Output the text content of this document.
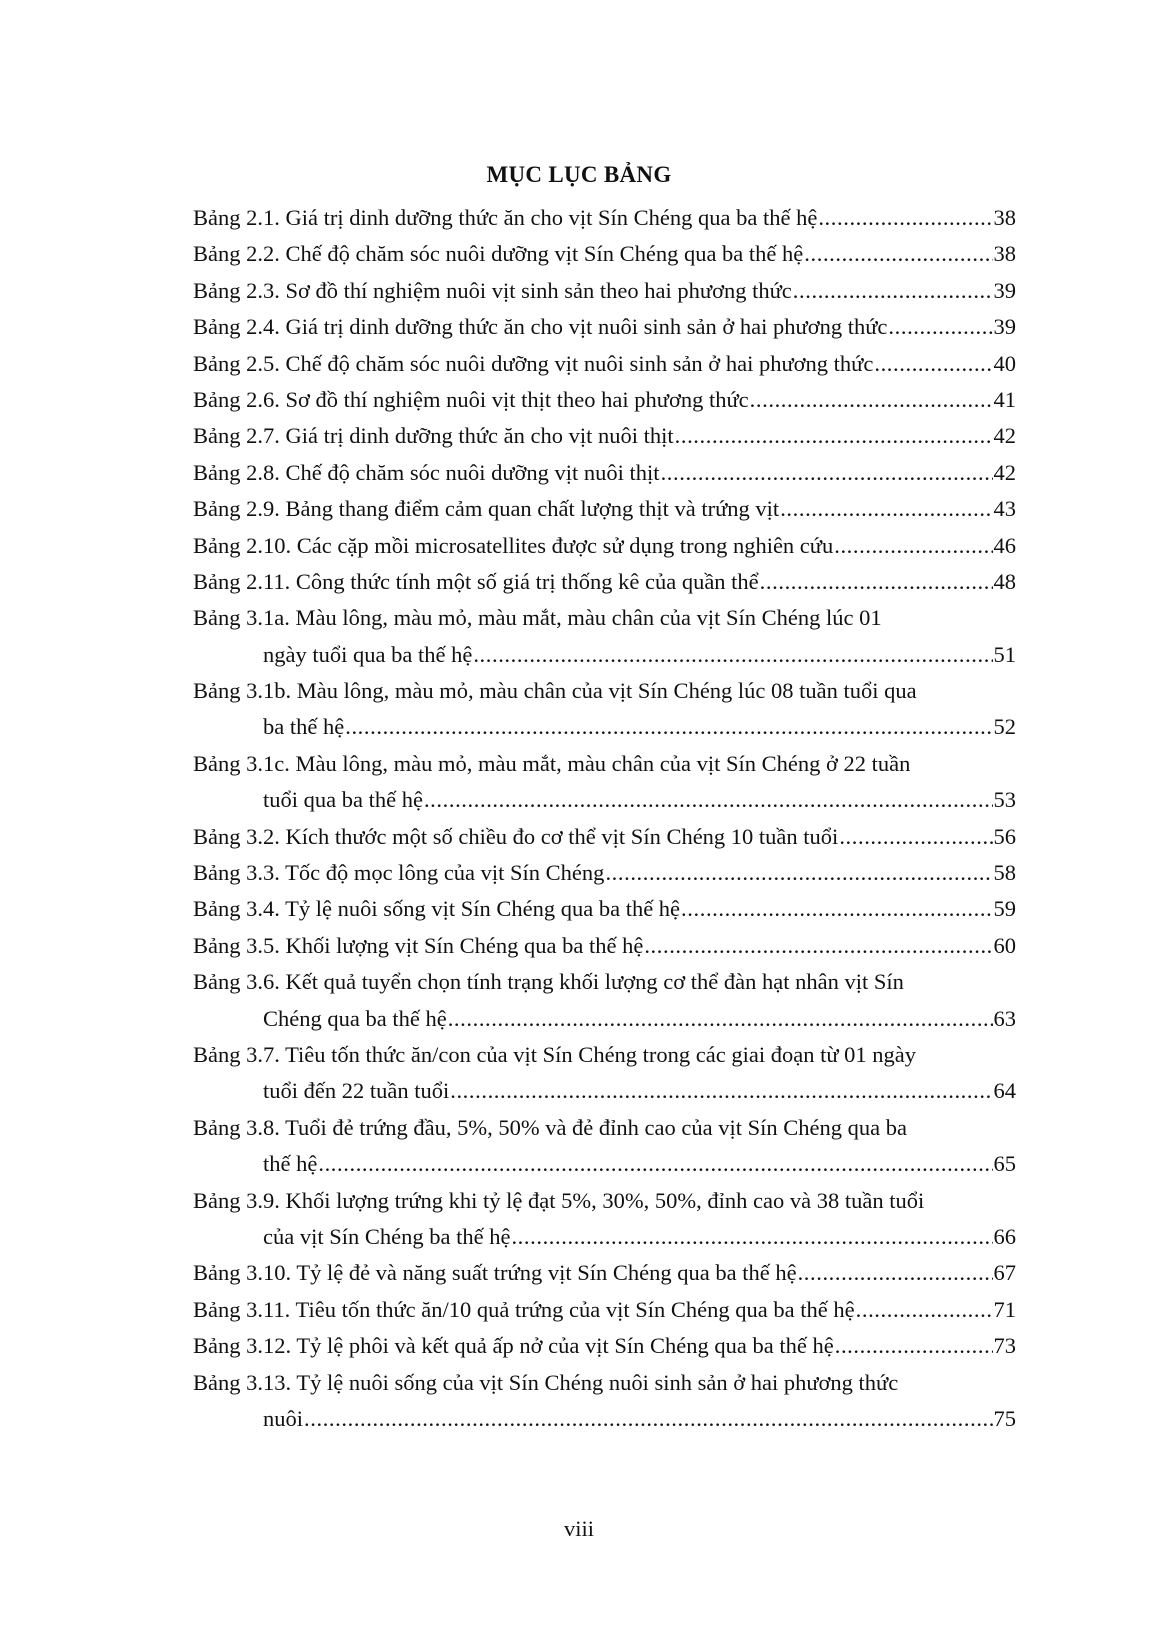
MỤC LỤC BẢNG
Bảng 2.1. Giá trị dinh dưỡng thức ăn cho vịt Sín Chéng qua ba thế hệ .....	38
Bảng 2.2. Chế độ chăm sóc nuôi dưỡng vịt Sín Chéng qua ba thế hệ .....	38
Bảng 2.3. Sơ đồ thí nghiệm nuôi vịt sinh sản theo hai phương thức .....	39
Bảng 2.4. Giá trị dinh dưỡng thức ăn cho vịt nuôi sinh sản ở hai phương thức .....	39
Bảng 2.5. Chế độ chăm sóc nuôi dưỡng vịt nuôi sinh sản ở hai phương thức .....	40
Bảng 2.6. Sơ đồ thí nghiệm nuôi vịt thịt theo hai phương thức .....	41
Bảng 2.7. Giá trị dinh dưỡng thức ăn cho vịt nuôi thịt .....	42
Bảng 2.8. Chế độ chăm sóc nuôi dưỡng vịt nuôi thịt .....	42
Bảng 2.9. Bảng thang điểm cảm quan chất lượng thịt và trứng vịt .....	43
Bảng 2.10. Các cặp mồi microsatellites được sử dụng trong nghiên cứu .....	46
Bảng 2.11. Công thức tính một số giá trị thống kê của quần thể .....	48
Bảng 3.1a. Màu lông, màu mỏ, màu mắt, màu chân của vịt Sín Chéng lúc 01
ngày tuổi qua ba thế hệ .....	51
Bảng 3.1b. Màu lông, màu mỏ, màu chân của vịt Sín Chéng lúc 08 tuần tuổi qua
ba thế hệ .....	52
Bảng 3.1c. Màu lông, màu mỏ, màu mắt, màu chân của vịt Sín Chéng ở 22 tuần
tuổi qua ba thế hệ .....	53
Bảng 3.2. Kích thước một số chiều đo cơ thể vịt Sín Chéng 10 tuần tuổi .....	56
Bảng 3.3. Tốc độ mọc lông của vịt Sín Chéng .....	58
Bảng 3.4. Tỷ lệ nuôi sống vịt Sín Chéng qua ba thế hệ .....	59
Bảng 3.5. Khối lượng vịt Sín Chéng qua ba thế hệ .....	60
Bảng 3.6. Kết quả tuyển chọn tính trạng khối lượng cơ thể đàn hạt nhân vịt Sín
Chéng qua ba thế hệ .....	63
Bảng 3.7. Tiêu tốn thức ăn/con của vịt Sín Chéng trong các giai đoạn từ 01 ngày
tuổi đến 22 tuần tuổi .....	64
Bảng 3.8. Tuổi đẻ trứng đầu, 5%, 50% và đẻ đỉnh cao của vịt Sín Chéng qua ba
thế hệ .....	65
Bảng 3.9. Khối lượng trứng khi tỷ lệ đạt 5%, 30%, 50%, đỉnh cao và 38 tuần tuổi
của vịt Sín Chéng ba thế hệ .....	66
Bảng 3.10. Tỷ lệ đẻ và năng suất trứng vịt Sín Chéng qua ba thế hệ .....	67
Bảng 3.11. Tiêu tốn thức ăn/10 quả trứng của vịt Sín Chéng qua ba thế hệ .....	71
Bảng 3.12. Tỷ lệ phôi và kết quả ấp nở của vịt Sín Chéng qua ba thế hệ .....	73
Bảng 3.13. Tỷ lệ nuôi sống của vịt Sín Chéng nuôi sinh sản ở hai phương thức
nuôi .....	75
viii
